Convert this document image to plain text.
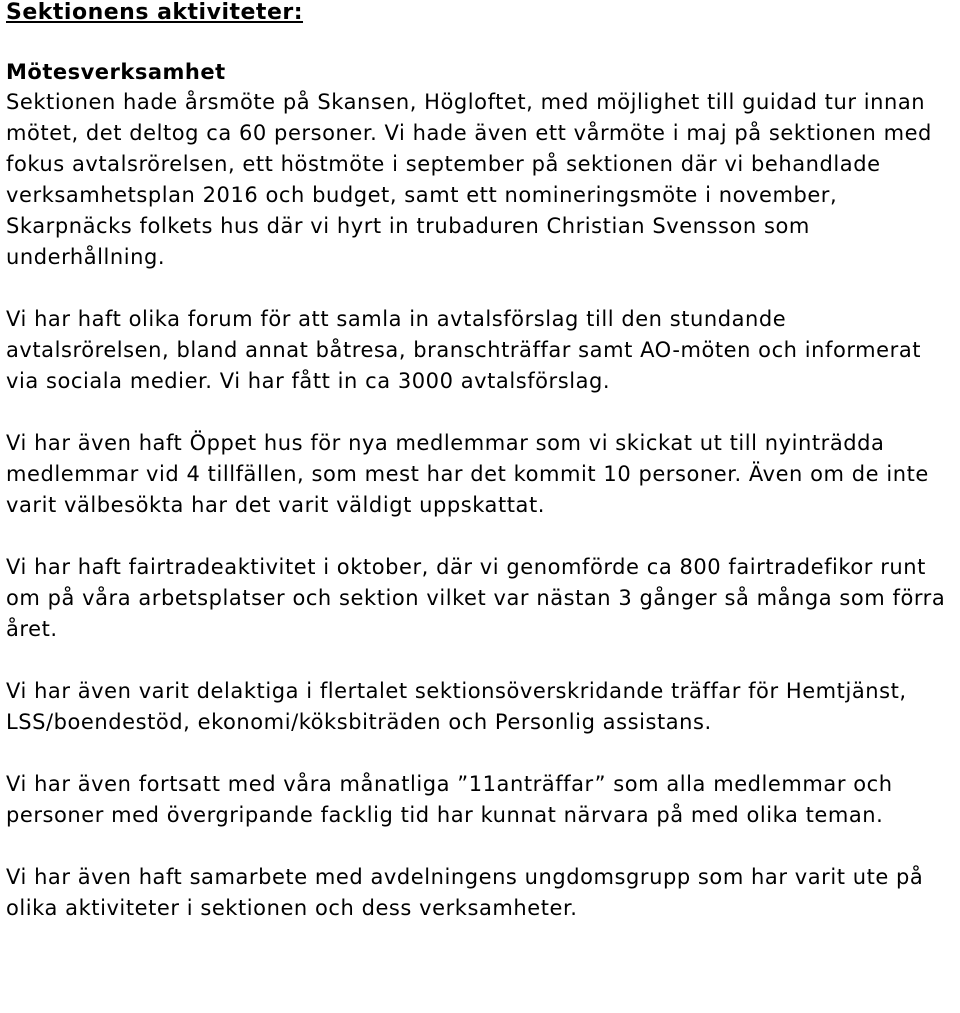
Sektionens aktiviteter:
Mötesverksamhet

Sektionen hade årsmöte på Skansen, Högloftet, med möjlighet till guidad tur innan mötet, det deltog ca 60 personer. Vi hade även ett vårmöte i maj på sektionen med fokus avtalsrörelsen, ett höstmöte i september på sektionen där vi behandlade verksamhetsplan 2016 och budget, samt ett nomineringsmöte i november, Skarpnäcks folkets hus där vi hyrt in trubaduren Christian Svensson som underhållning.

Vi har haft olika forum för att samla in avtalsförslag till den stundande avtalsrörelsen, bland annat båtresa, branschträffar samt AO-möten och informerat via sociala medier. Vi har fått in ca 3000 avtalsförslag.

Vi har även haft Öppet hus för nya medlemmar som vi skickat ut till nyinträdda medlemmar vid 4 tillfällen, som mest har det kommit 10 personer. Även om de inte varit välbesökta har det varit väldigt uppskattat.

Vi har haft fairtradeaktivitet i oktober, där vi genomförde ca 800 fairtradefikor runt om på våra arbetsplatser och sektion vilket var nästan 3 gånger så många som förra året.

Vi har även varit delaktiga i flertalet sektionsöverskridande träffar för Hemtjänst, LSS/boendestöd, ekonomi/köksbiträden och Personlig assistans.

Vi har även fortsatt med våra månatliga ”11anträffar” som alla medlemmar och personer med övergripande facklig tid har kunnat närvara på med olika teman.

Vi har även haft samarbete med avdelningens ungdomsgrupp som har varit ute på olika aktiviteter i sektionen och dess verksamheter.
